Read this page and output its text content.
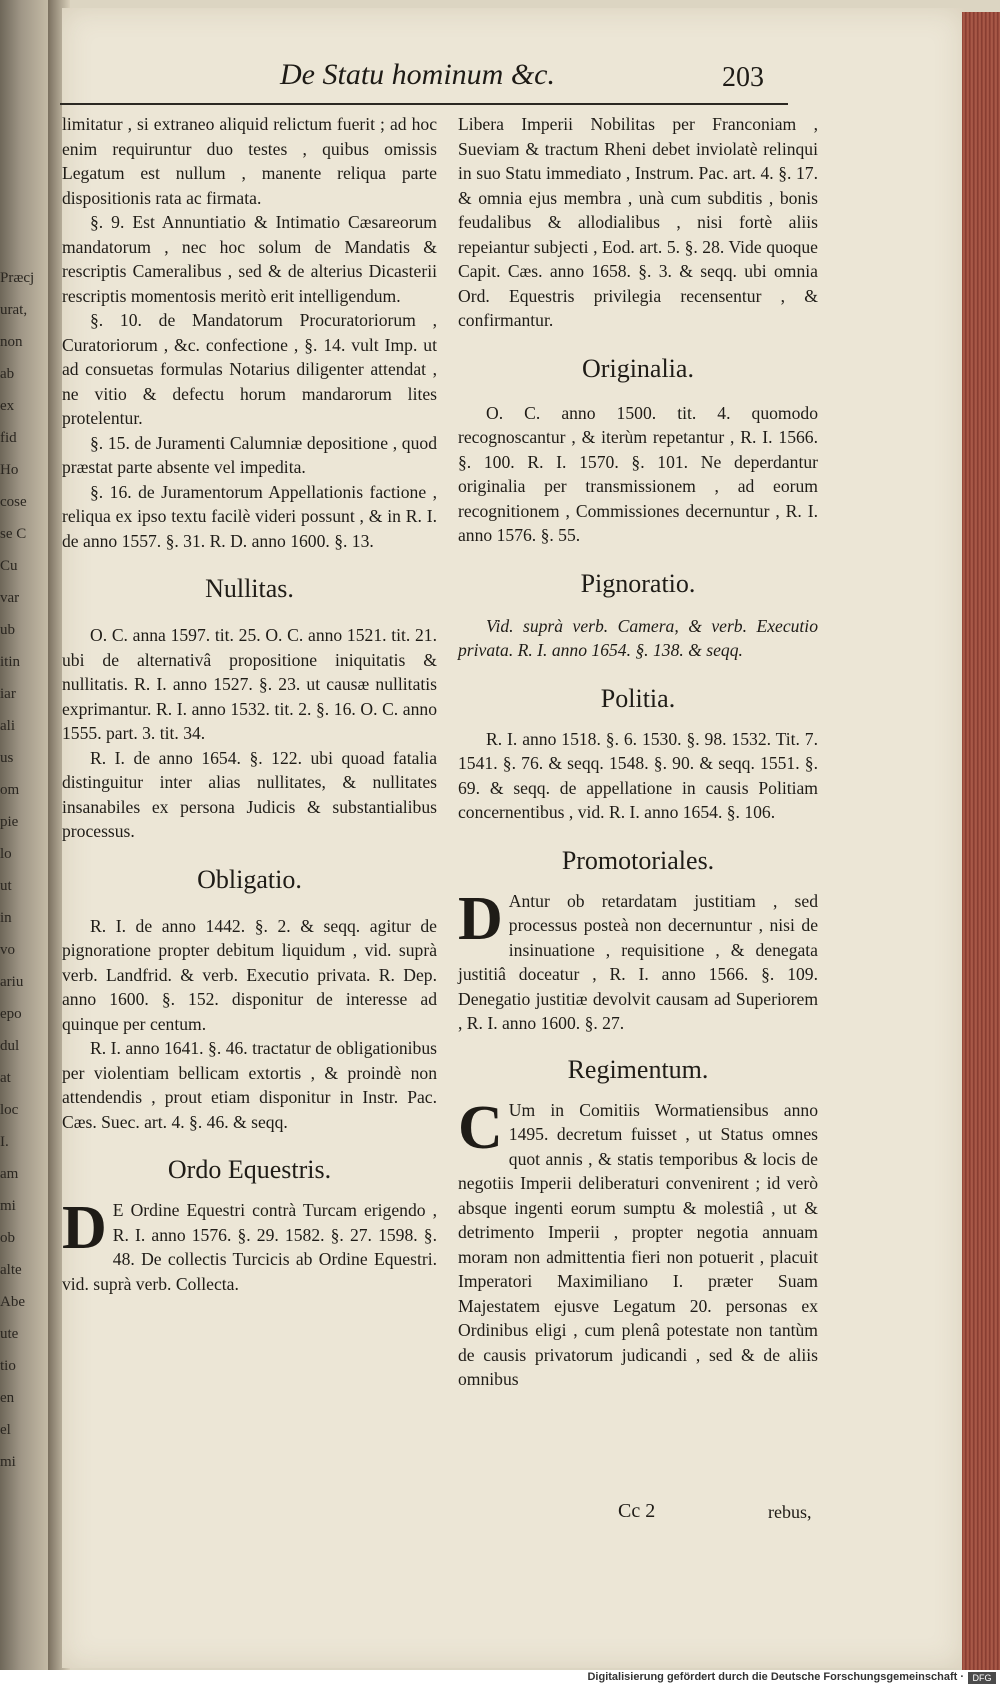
Præcj
urat,
non
ab
ex
fid
Ho
cose
se C
Cu
var
ub
itin
iar
ali
us
om
pie
lo
ut
in
vo
ariu
epo
dul
at
loc
I.
am
mi
ob
alte
Abe
ute
tio
en
el
mi
De Statu hominum &c.	203

limitatur , si extraneo aliquid relictum fuerit ; ad hoc enim requiruntur duo testes , quibus omissis Legatum est nullum , manente reliqua parte dispositionis rata ac firmata.

§. 9. Est Annuntiatio & Intimatio Cæsareorum mandatorum , nec hoc solum de Mandatis & rescriptis Cameralibus , sed & de alterius Dicasterii rescriptis momentosis meritò erit intelligendum.

§. 10. de Mandatorum Procuratoriorum , Curatoriorum , &c. confectione , §. 14. vult Imp. ut ad consuetas formulas Notarius diligenter attendat , ne vitio & defectu horum mandarorum lites protelentur.

§. 15. de Juramenti Calumniæ depositione , quod præstat parte absente vel impedita.

§. 16. de Juramentorum Appellationis factione , reliqua ex ipso textu facilè videri possunt , & in R. I. de anno 1557. §. 31. R. D. anno 1600. §. 13.

Nullitas.

O. C. anna 1597. tit. 25. O. C. anno 1521. tit. 21. ubi de alternativâ propositione iniquitatis & nullitatis. R. I. anno 1527. §. 23. ut causæ nullitatis exprimantur. R. I. anno 1532. tit. 2. §. 16. O. C. anno 1555. part. 3. tit. 34.

R. I. de anno 1654. §. 122. ubi quoad fatalia distinguitur inter alias nullitates, & nullitates insanabiles ex persona Judicis & substantialibus processus.

Obligatio.

R. I. de anno 1442. §. 2. & seqq. agitur de pignoratione propter debitum liquidum , vid. suprà verb. Landfrid. & verb. Executio privata. R. Dep. anno 1600. §. 152. disponitur de interesse ad quinque per centum.

R. I. anno 1641. §. 46. tractatur de obligationibus per violentiam bellicam extortis , & proindè non attendendis , prout etiam disponitur in Instr. Pac. Cæs. Suec. art. 4. §. 46. & seqq.

Ordo Equestris.

D E Ordine Equestri contrà Turcam erigendo , R. I. anno 1576. §. 29. 1582. §. 27. 1598. §. 48. De collectis Turcicis ab Ordine Equestri. vid. suprà verb. Collecta.

Libera Imperii Nobilitas per Franconiam , Sueviam & tractum Rheni debet inviolatè relinqui in suo Statu immediato , Instrum. Pac. art. 4. §. 17. & omnia ejus membra , unà cum subditis , bonis feudalibus & allodialibus , nisi fortè aliis repeiantur subjecti , Eod. art. 5. §. 28. Vide quoque Capit. Cæs. anno 1658. §. 3. & seqq. ubi omnia Ord. Equestris privilegia recensentur , & confirmantur.

Originalia.

O. C. anno 1500. tit. 4. quomodo recognoscantur , & iterùm repetantur , R. I. 1566. §. 100. R. I. 1570. §. 101. Ne deperdantur originalia per transmissionem , ad eorum recognitionem , Commissiones decernuntur , R. I. anno 1576. §. 55.

Pignoratio.

Vid. suprà verb. Camera, & verb. Executio privata. R. I. anno 1654. §. 138. & seqq.

Politia.

R. I. anno 1518. §. 6. 1530. §. 98. 1532. Tit. 7. 1541. §. 76. & seqq. 1548. §. 90. & seqq. 1551. §. 69. & seqq. de appellatione in causis Politiam concernentibus , vid. R. I. anno 1654. §. 106.

Promotoriales.

D Antur ob retardatam justitiam , sed processus posteà non decernuntur , nisi de insinuatione , requisitione , & denegata justitiâ doceatur , R. I. anno 1566. §. 109. Denegatio justitiæ devolvit causam ad Superiorem , R. I. anno 1600. §. 27.

Regimentum.

C Um in Comitiis Wormatiensibus anno 1495. decretum fuisset , ut Status omnes quot annis , & statis temporibus & locis de negotiis Imperii deliberaturi convenirent ; id verò absque ingenti eorum sumptu & molestiâ , ut & detrimento Imperii , propter negotia annuam moram non admittentia fieri non potuerit , placuit Imperatori Maximiliano I. præter Suam Majestatem ejusve Legatum 20. personas ex Ordinibus eligi , cum plenâ potestate non tantùm de causis privatorum judicandi , sed & de aliis omnibus

Cc 2	rebus,
Digitalisierung gefördert durch die Deutsche Forschungsgemeinschaft · DFG
